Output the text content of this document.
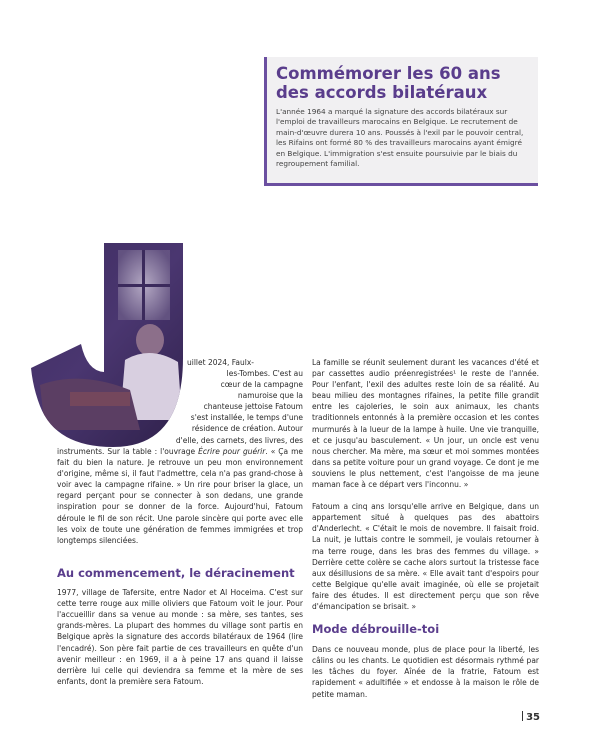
Commémorer les 60 ans
des accords bilatéraux

L'année 1964 a marqué la signature des accords bilatéraux sur l'emploi de travailleurs marocains en Belgique. Le recrutement de main-d'œuvre durera 10 ans. Poussés à l'exil par le pouvoir central, les Rifains ont formé 80 % des travailleurs marocains ayant émigré en Belgique. L'immigration s'est ensuite poursuivie par le biais du regroupement familial.

uillet 2024, Faulx-
les-Tombes. C'est au
cœur de la campagne
namuroise que la
chanteuse jettoise Fatoum
s'est installée, le temps d'une
résidence de création. Autour
d'elle, des carnets, des livres, des

instruments. Sur la table : l'ouvrage Écrire pour guérir. « Ça me fait du bien la nature. Je retrouve un peu mon environnement d'origine, même si, il faut l'admettre, cela n'a pas grand-chose à voir avec la campagne rifaine. » Un rire pour briser la glace, un regard perçant pour se connecter à son dedans, une grande inspiration pour se donner de la force. Aujourd'hui, Fatoum déroule le fil de son récit. Une parole sincère qui porte avec elle les voix de toute une génération de femmes immigrées et trop longtemps silenciées.

Au commencement, le déracinement

1977, village de Tafersite, entre Nador et Al Hoceima. C'est sur cette terre rouge aux mille oliviers que Fatoum voit le jour. Pour l'accueillir dans sa venue au monde : sa mère, ses tantes, ses grands-mères. La plupart des hommes du village sont partis en Belgique après la signature des accords bilatéraux de 1964 (lire l'encadré). Son père fait partie de ces travailleurs en quête d'un avenir meilleur : en 1969, il a à peine 17 ans quand il laisse derrière lui celle qui deviendra sa femme et la mère de ses enfants, dont la première sera Fatoum.

La famille se réunit seulement durant les vacances d'été et par cassettes audio préenregistrées¹ le reste de l'année. Pour l'enfant, l'exil des adultes reste loin de sa réalité. Au beau milieu des montagnes rifaines, la petite fille grandit entre les cajoleries, le soin aux animaux, les chants traditionnels entonnés à la première occasion et les contes murmurés à la lueur de la lampe à huile. Une vie tranquille, et ce jusqu'au basculement. « Un jour, un oncle est venu nous chercher. Ma mère, ma sœur et moi sommes montées dans sa petite voiture pour un grand voyage. Ce dont je me souviens le plus nettement, c'est l'angoisse de ma jeune maman face à ce départ vers l'inconnu. »

Fatoum a cinq ans lorsqu'elle arrive en Belgique, dans un appartement situé à quelques pas des abattoirs d'Anderlecht. « C'était le mois de novembre. Il faisait froid. La nuit, je luttais contre le sommeil, je voulais retourner à ma terre rouge, dans les bras des femmes du village. » Derrière cette colère se cache alors surtout la tristesse face aux désillusions de sa mère. « Elle avait tant d'espoirs pour cette Belgique qu'elle avait imaginée, où elle se projetait faire des études. Il est directement perçu que son rêve d'émancipation se brisait. »

Mode débrouille-toi

Dans ce nouveau monde, plus de place pour la liberté, les câlins ou les chants. Le quotidien est désormais rythmé par les tâches du foyer. Aînée de la fratrie, Fatoum est rapidement « adultifiée » et endosse à la maison le rôle de petite maman.

35
